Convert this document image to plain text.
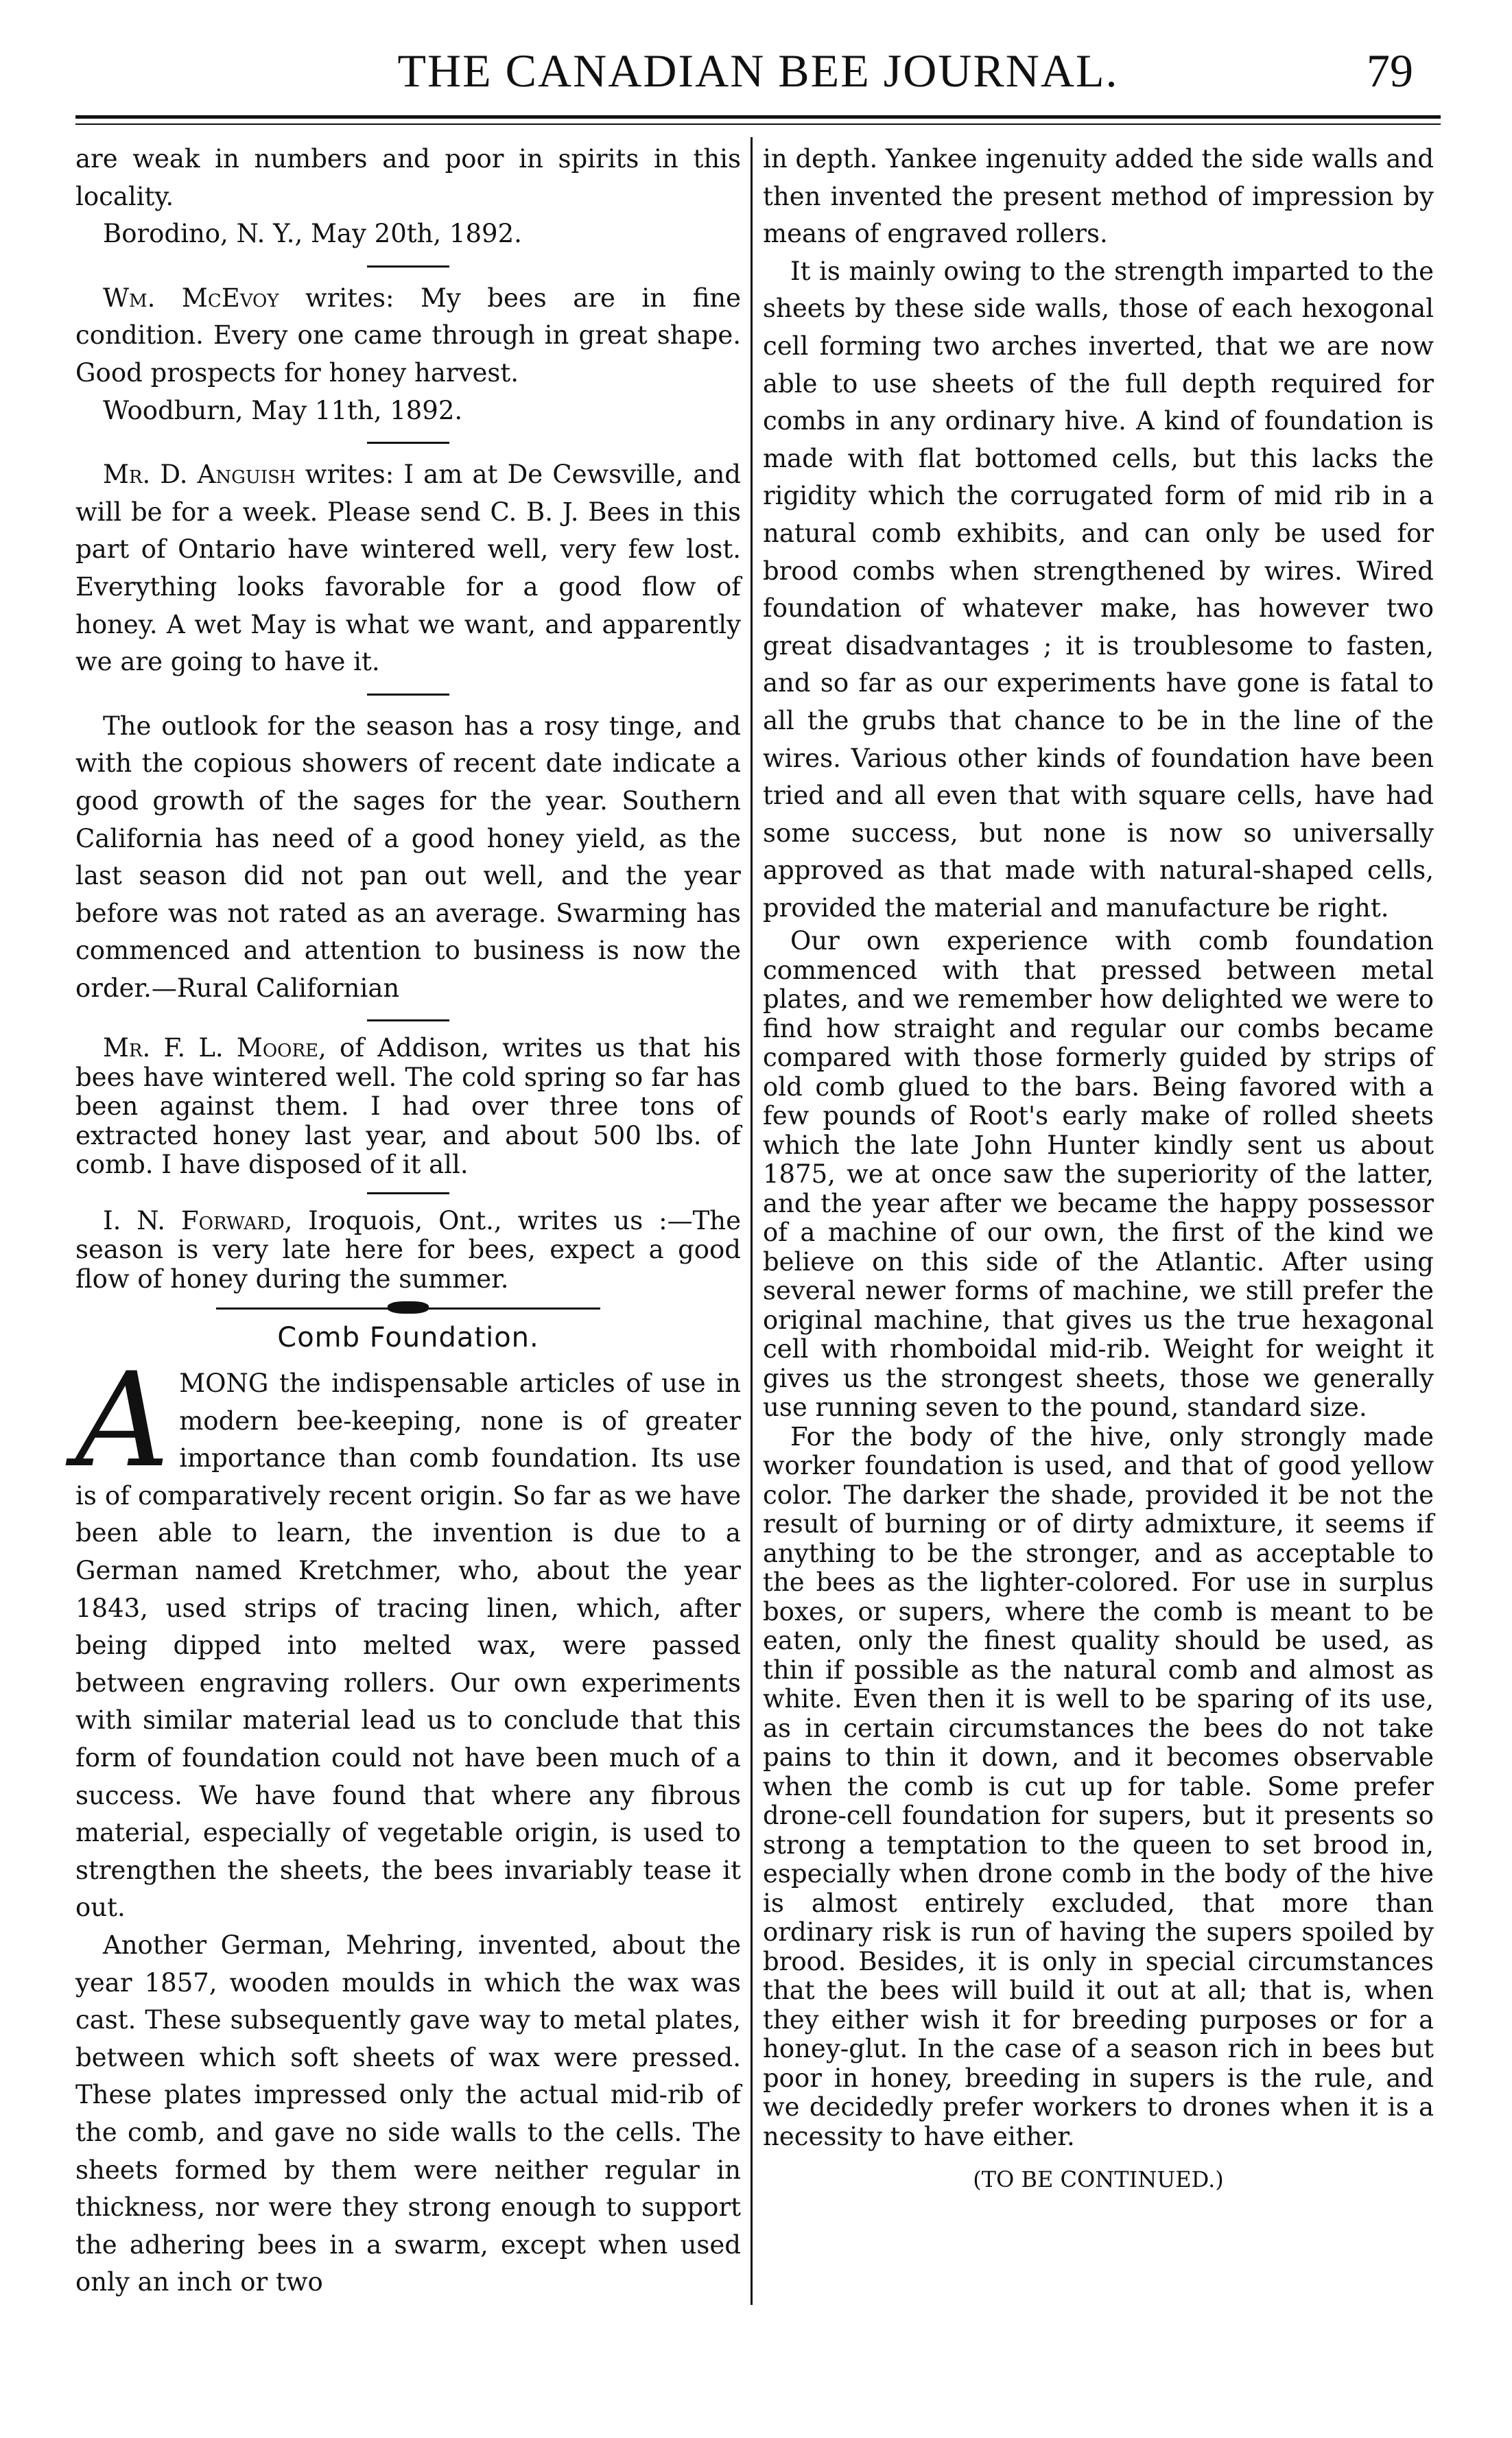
THE CANADIAN BEE JOURNAL.	79

are weak in numbers and poor in spirits in this locality.

Borodino, N. Y., May 20th, 1892.

Wm. McEvoy writes: My bees are in fine condition. Every one came through in great shape. Good prospects for honey harvest.

Woodburn, May 11th, 1892.

Mr. D. Anguish writes: I am at De Cewsville, and will be for a week. Please send C. B. J. Bees in this part of Ontario have wintered well, very few lost. Everything looks favorable for a good flow of honey. A wet May is what we want, and apparently we are going to have it.

The outlook for the season has a rosy tinge, and with the copious showers of recent date indicate a good growth of the sages for the year. Southern California has need of a good honey yield, as the last season did not pan out well, and the year before was not rated as an average. Swarming has commenced and attention to business is now the order.—Rural Californian

Mr. F. L. Moore, of Addison, writes us that his bees have wintered well. The cold spring so far has been against them. I had over three tons of extracted honey last year, and about 500 lbs. of comb. I have disposed of it all.

I. N. Forward, Iroquois, Ont., writes us :—The season is very late here for bees, expect a good flow of honey during the summer.

Comb Foundation.

AMONG the indispensable articles of use in modern bee-keeping, none is of greater importance than comb foundation. Its use is of comparatively recent origin. So far as we have been able to learn, the invention is due to a German named Kretchmer, who, about the year 1843, used strips of tracing linen, which, after being dipped into melted wax, were passed between engraving rollers. Our own experiments with similar material lead us to conclude that this form of foundation could not have been much of a success. We have found that where any fibrous material, especially of vegetable origin, is used to strengthen the sheets, the bees invariably tease it out.

Another German, Mehring, invented, about the year 1857, wooden moulds in which the wax was cast. These subsequently gave way to metal plates, between which soft sheets of wax were pressed. These plates impressed only the actual mid-rib of the comb, and gave no side walls to the cells. The sheets formed by them were neither regular in thickness, nor were they strong enough to support the adhering bees in a swarm, except when used only an inch or two

in depth. Yankee ingenuity added the side walls and then invented the present method of impression by means of engraved rollers.

It is mainly owing to the strength imparted to the sheets by these side walls, those of each hexogonal cell forming two arches inverted, that we are now able to use sheets of the full depth required for combs in any ordinary hive. A kind of foundation is made with flat bottomed cells, but this lacks the rigidity which the corrugated form of mid rib in a natural comb exhibits, and can only be used for brood combs when strengthened by wires. Wired foundation of whatever make, has however two great disadvantages ; it is troublesome to fasten, and so far as our experiments have gone is fatal to all the grubs that chance to be in the line of the wires. Various other kinds of foundation have been tried and all even that with square cells, have had some success, but none is now so universally approved as that made with natural-shaped cells, provided the material and manufacture be right.

Our own experience with comb foundation commenced with that pressed between metal plates, and we remember how delighted we were to find how straight and regular our combs became compared with those formerly guided by strips of old comb glued to the bars. Being favored with a few pounds of Root's early make of rolled sheets which the late John Hunter kindly sent us about 1875, we at once saw the superiority of the latter, and the year after we became the happy possessor of a machine of our own, the first of the kind we believe on this side of the Atlantic. After using several newer forms of machine, we still prefer the original machine, that gives us the true hexagonal cell with rhomboidal mid-rib. Weight for weight it gives us the strongest sheets, those we generally use running seven to the pound, standard size.

For the body of the hive, only strongly made worker foundation is used, and that of good yellow color. The darker the shade, provided it be not the result of burning or of dirty admixture, it seems if anything to be the stronger, and as acceptable to the bees as the lighter-colored. For use in surplus boxes, or supers, where the comb is meant to be eaten, only the finest quality should be used, as thin if possible as the natural comb and almost as white. Even then it is well to be sparing of its use, as in certain circumstances the bees do not take pains to thin it down, and it becomes observable when the comb is cut up for table. Some prefer drone-cell foundation for supers, but it presents so strong a temptation to the queen to set brood in, especially when drone comb in the body of the hive is almost entirely excluded, that more than ordinary risk is run of having the supers spoiled by brood. Besides, it is only in special circumstances that the bees will build it out at all; that is, when they either wish it for breeding purposes or for a honey-glut. In the case of a season rich in bees but poor in honey, breeding in supers is the rule, and we decidedly prefer workers to drones when it is a necessity to have either.

(TO BE CONTINUED.)
